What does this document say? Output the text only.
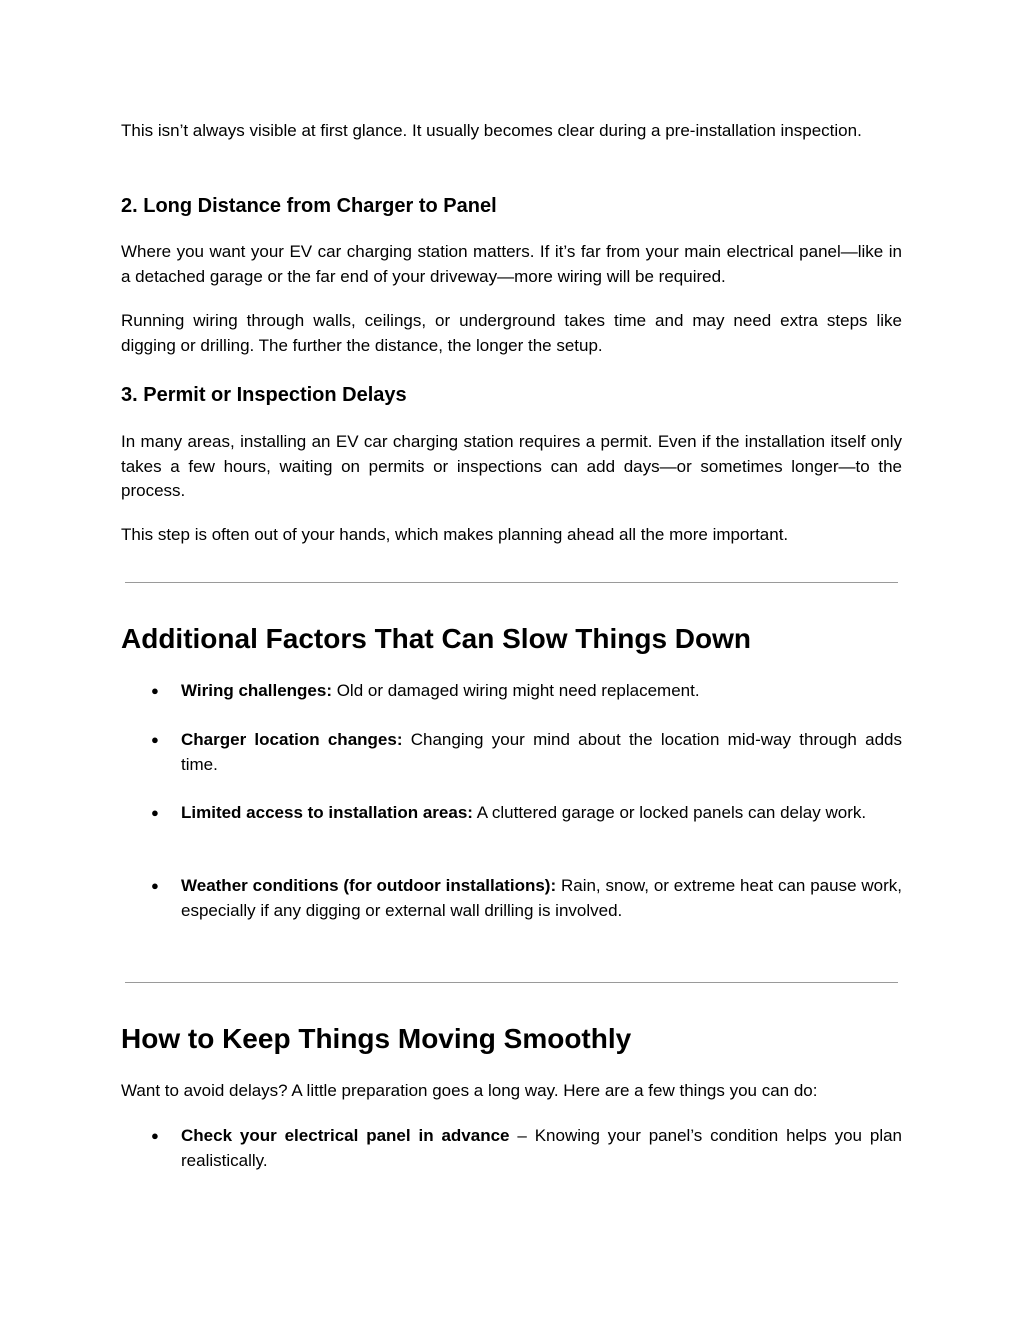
This isn’t always visible at first glance. It usually becomes clear during a pre-installation inspection.

2. Long Distance from Charger to Panel

Where you want your EV car charging station matters. If it’s far from your main electrical panel—like in a detached garage or the far end of your driveway—more wiring will be required.

Running wiring through walls, ceilings, or underground takes time and may need extra steps like digging or drilling. The further the distance, the longer the setup.

3. Permit or Inspection Delays

In many areas, installing an EV car charging station requires a permit. Even if the installation itself only takes a few hours, waiting on permits or inspections can add days—or sometimes longer—to the process.

This step is often out of your hands, which makes planning ahead all the more important.

Additional Factors That Can Slow Things Down
● Wiring challenges: Old or damaged wiring might need replacement.

● Charger location changes: Changing your mind about the location mid-way through adds time.

● Limited access to installation areas: A cluttered garage or locked panels can delay work.

● Weather conditions (for outdoor installations): Rain, snow, or extreme heat can pause work, especially if any digging or external wall drilling is involved.

How to Keep Things Moving Smoothly

Want to avoid delays? A little preparation goes a long way. Here are a few things you can do:

● Check your electrical panel in advance – Knowing your panel’s condition helps you plan realistically.
